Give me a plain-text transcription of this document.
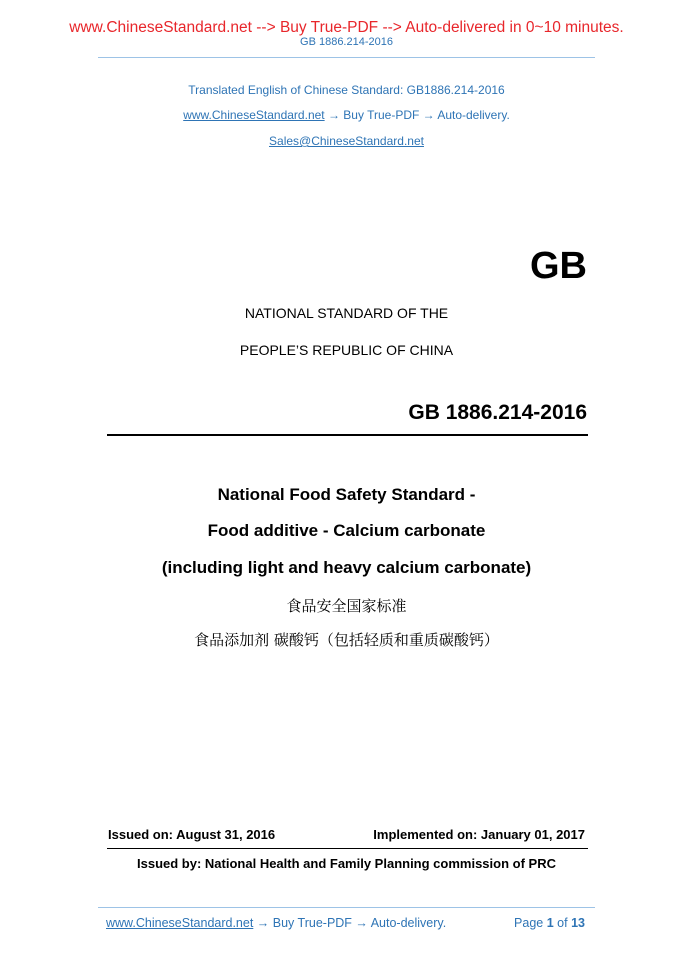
www.ChineseStandard.net --> Buy True-PDF --> Auto-delivered in 0~10 minutes.
GB 1886.214-2016
Translated English of Chinese Standard: GB1886.214-2016
www.ChineseStandard.net → Buy True-PDF → Auto-delivery.
Sales@ChineseStandard.net
GB
NATIONAL STANDARD OF THE
PEOPLE’S REPUBLIC OF CHINA
GB 1886.214-2016
National Food Safety Standard -
Food additive - Calcium carbonate
(including light and heavy calcium carbonate)
食品安全国家标准
食品添加剂 碳酸钙（包括轻质和重质碳酸钙）
Issued on: August 31, 2016	Implemented on: January 01, 2017
Issued by: National Health and Family Planning commission of PRC
www.ChineseStandard.net → Buy True-PDF → Auto-delivery.	Page 1 of 13
